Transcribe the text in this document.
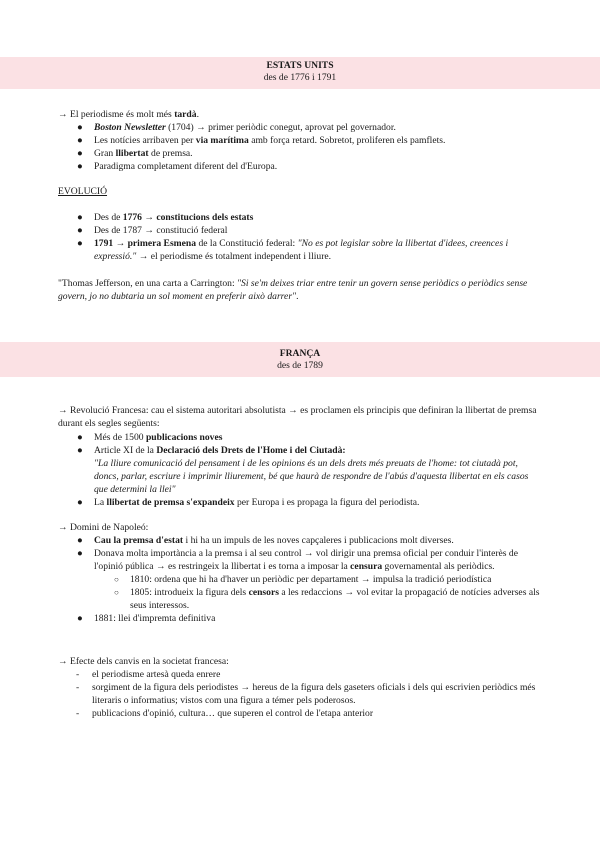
ESTATS UNITS
des de 1776 i 1791

→ El periodisme és molt més tardà.

● Boston Newsletter (1704) → primer periòdic conegut, aprovat pel governador.
● Les notícies arribaven per via marítima amb força retard. Sobretot, proliferen els pamflets.
● Gran llibertat de premsa.
● Paradigma completament diferent del d'Europa.

EVOLUCIÓ

● Des de 1776 → constitucions dels estats
● Des de 1787 → constitució federal
● 1791 → primera Esmena de la Constitució federal: "No es pot legislar sobre la llibertat d'idees, creences i expressió." → el periodisme és totalment independent i lliure.

"Thomas Jefferson, en una carta a Carrington: "Si se'm deixes triar entre tenir un govern sense periòdics o periòdics sense govern, jo no dubtaria un sol moment en preferir això darrer".

FRANÇA
des de 1789

→ Revolució Francesa: cau el sistema autoritari absolutista → es proclamen els principis que definiran la llibertat de premsa durant els segles següents:

● Més de 1500 publicacions noves
● Article XI de la Declaració dels Drets de l'Home i del Ciutadà:
"La lliure comunicació del pensament i de les opinions és un dels drets més preuats de l'home: tot ciutadà pot, doncs, parlar, escriure i imprimir lliurement, bé que haurà de respondre de l'abús d'aquesta llibertat en els casos que determini la llei"
● La llibertat de premsa s'expandeix per Europa i es propaga la figura del periodista.

→ Domini de Napoleó:

● Cau la premsa d'estat i hi ha un impuls de les noves capçaleres i publicacions molt diverses.
● Donava molta importància a la premsa i al seu control → vol dirigir una premsa oficial per conduir l'interès de l'opinió pública → es restringeix la llibertat i es torna a imposar la censura governamental als periòdics.
○ 1810: ordena que hi ha d'haver un periòdic per departament → impulsa la tradició periodística
○ 1805: introdueix la figura dels censors a les redaccions → vol evitar la propagació de notícies adverses als seus interessos.
● 1881: llei d'impremta definitiva

→ Efecte dels canvis en la societat francesa:

- el periodisme artesà queda enrere
- sorgiment de la figura dels periodistes → hereus de la figura dels gaseters oficials i dels qui escrivien periòdics més literaris o informatius; vistos com una figura a témer pels poderosos.
- publicacions d'opinió, cultura… que superen el control de l'etapa anterior
